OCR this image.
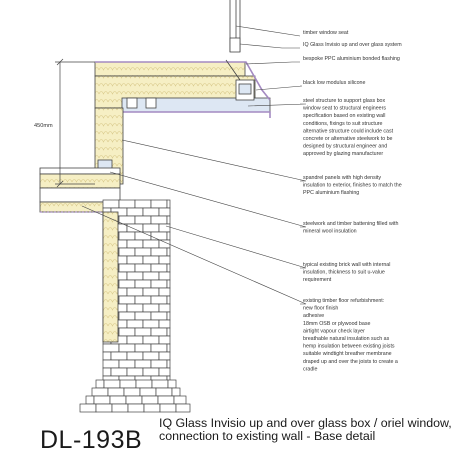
450mm
timber window seat
IQ Glass Invisio up and over glass system
bespoke PPC aluminium bonded flashing
black low modulus silicone
steel structure to support glass box
window seat to structural engineers
specification based on existing wall
conditions, fixings to suit structure
alternative structure could include cast
concrete or alternative steelwork to be
designed by structural engineer and
approved by glazing manufacturer
spandrel panels with high density
insulation to exterior, finishes to match the
PPC aluminium flashing
steelwork and timber battening filled with
mineral wool insulation
typical existing brick wall with internal
insulation, thickness to suit u-value
requirement
existing timber floor refurbishment:
new floor finish
adhesive
18mm OSB or plywood base
airtight vapour check layer
breathable natural insulation such as
hemp insulation between existing joists
suitable windtight breather membrane
draped up and over the joists to create a
cradle
DL-193B
IQ Glass Invisio up and over glass box / oriel window, connection to existing wall - Base detail
